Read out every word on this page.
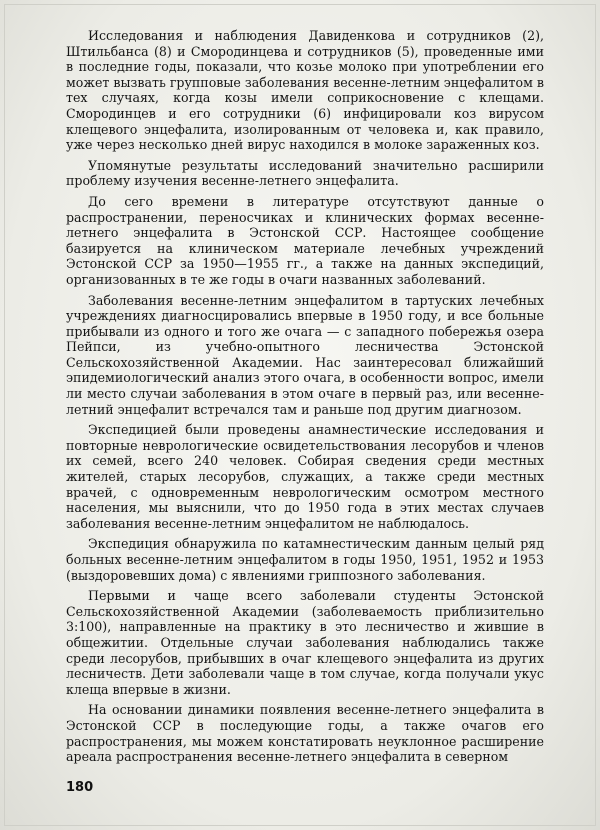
Исследования и наблюдения Давиденкова и сотрудников (2), Штильбанса (8) и Смородинцева и сотрудников (5), проведенные ими в последние годы, показали, что козье молоко при употреблении его может вызвать групповые заболевания весенне-летним энцефалитом в тех случаях, когда козы имели соприкосновение с клещами. Смородинцев и его сотрудники (6) инфицировали коз вирусом клещевого энцефалита, изолированным от человека и, как правило, уже через несколько дней вирус находился в молоке зараженных коз.

Упомянутые результаты исследований значительно расширили проблему изучения весенне-летнего энцефалита.

До сего времени в литературе отсутствуют данные о распространении, переносчиках и клинических формах весенне-летнего энцефалита в Эстонской ССР. Настоящее сообщение базируется на клиническом материале лечебных учреждений Эстонской ССР за 1950—1955 гг., а также на данных экспедиций, организованных в те же годы в очаги названных заболеваний.

Заболевания весенне-летним энцефалитом в тартуских лечебных учреждениях диагносцировались впервые в 1950 году, и все больные прибывали из одного и того же очага — с западного побережья озера Пейпси, из учебно-опытного лесничества Эстонской Сельскохозяйственной Академии. Нас заинтересовал ближайший эпидемиологический анализ этого очага, в особенности вопрос, имели ли место случаи заболевания в этом очаге в первый раз, или весенне-летний энцефалит встречался там и раньше под другим диагнозом.

Экспедицией были проведены анамнестические исследования и повторные неврологические освидетельствования лесорубов и членов их семей, всего 240 человек. Собирая сведения среди местных жителей, старых лесорубов, служащих, а также среди местных врачей, с одновременным неврологическим осмотром местного населения, мы выяснили, что до 1950 года в этих местах случаев заболевания весенне-летним энцефалитом не наблюдалось.

Экспедиция обнаружила по катамнестическим данным целый ряд больных весенне-летним энцефалитом в годы 1950, 1951, 1952 и 1953 (выздоровевших дома) с явлениями гриппозного заболевания.

Первыми и чаще всего заболевали студенты Эстонской Сельскохозяйственной Академии (заболеваемость приблизительно 3:100), направленные на практику в это лесничество и жившие в общежитии. Отдельные случаи заболевания наблюдались также среди лесорубов, прибывших в очаг клещевого энцефалита из других лесничеств. Дети заболевали чаще в том случае, когда получали укус клеща впервые в жизни.

На основании динамики появления весенне-летнего энцефалита в Эстонской ССР в последующие годы, а также очагов его распространения, мы можем констатировать неуклонное расширение ареала распространения весенне-летнего энцефалита в северном

180
